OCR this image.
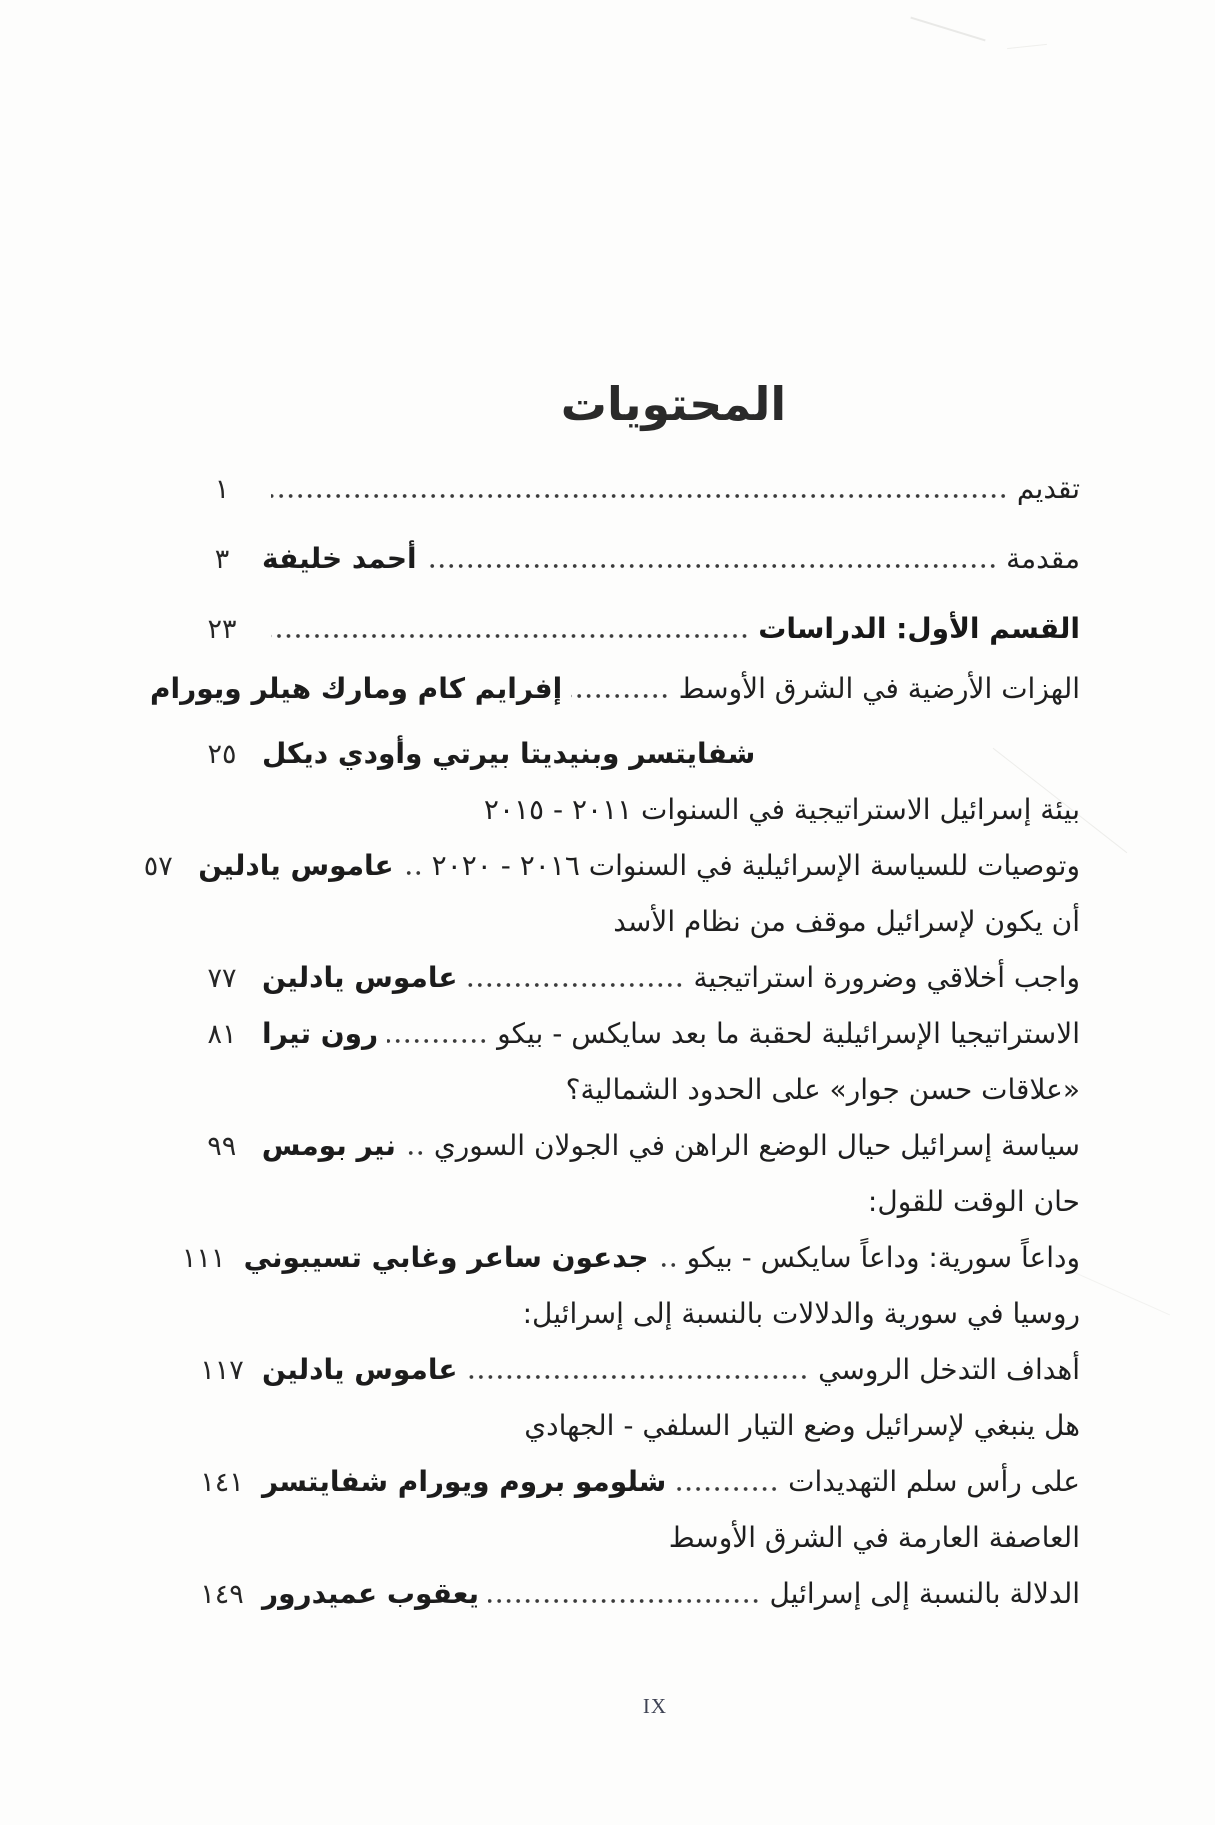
المحتويات
تقديم
١
مقدمة
أحمد خليفة
٣
القسم الأول: الدراسات
٢٣
الهزات الأرضية في الشرق الأوسط
إفرايم كام ومارك هيلر ويورام
شفايتسر وبنيديتا بيرتي وأودي ديكل
٢٥
بيئة إسرائيل الاستراتيجية في السنوات ٢٠١١ - ٢٠١٥
وتوصيات للسياسة الإسرائيلية في السنوات ٢٠١٦ - ٢٠٢٠
عاموس يادلين
٥٧
أن يكون لإسرائيل موقف من نظام الأسد
واجب أخلاقي وضرورة استراتيجية
عاموس يادلين
٧٧
الاستراتيجيا الإسرائيلية لحقبة ما بعد سايكس - بيكو
رون تيرا
٨١
«علاقات حسن جوار» على الحدود الشمالية؟
سياسة إسرائيل حيال الوضع الراهن في الجولان السوري
نير بومس
٩٩
حان الوقت للقول:
وداعاً سورية: وداعاً سايكس - بيكو
جدعون ساعر وغابي تسيبوني
١١١
روسيا في سورية والدلالات بالنسبة إلى إسرائيل:
أهداف التدخل الروسي
عاموس يادلين
١١٧
هل ينبغي لإسرائيل وضع التيار السلفي - الجهادي
على رأس سلم التهديدات
شلومو بروم ويورام شفايتسر
١٤١
العاصفة العارمة في الشرق الأوسط
الدلالة بالنسبة إلى إسرائيل
يعقوب عميدرور
١٤٩
IX
